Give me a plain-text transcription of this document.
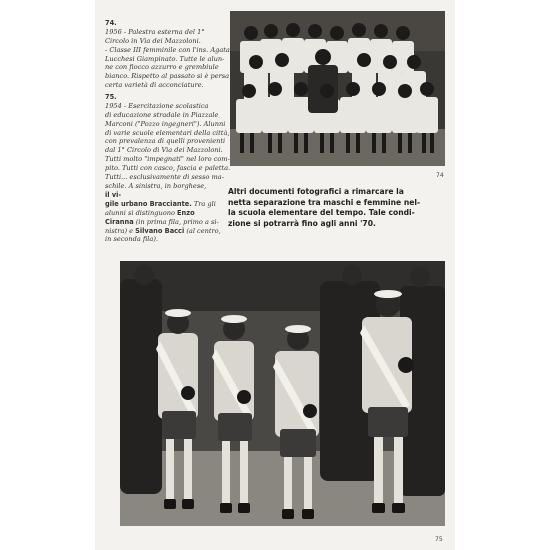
74.
1956 - Palestra esterna del 1°
Circolo in Via dei Mazzoloni.
- Classe III femminile con l'ins. Agata
Lucchesi Giampinato. Tutte le alun-
ne con fiocco azzurro e grembiule
bianco. Rispetto al passato si è persa
certa varietà di acconciature.

75.
1954 - Esercitazione scolastica
di educazione stradale in Piazzale
Marconi ("Pozzo ingegneri"). Alunni
di varie scuole elementari della città,
con prevalenza di quelli provenienti
dal 1° Circolo di Via dei Mazzoloni.
Tutti molto "impegnati" nel loro com-
pito. Tutti con casco, fascia e paletta.
Tutti... esclusivamente di sesso ma-
schile. A sinistra, in borghese,
il vi-
gile urbano Bracciante. Tra gli
alunni si distinguono Enzo
Ciranna (in prima fila, primo a si-
nistra) e Silvano Bacci (al centro,
in seconda fila).

74
Altri documenti fotografici a rimarcare la
netta separazione tra maschi e femmine nel-
la scuola elementare del tempo. Tale condi-
zione si potrarrà fino agli anni '70.
75
